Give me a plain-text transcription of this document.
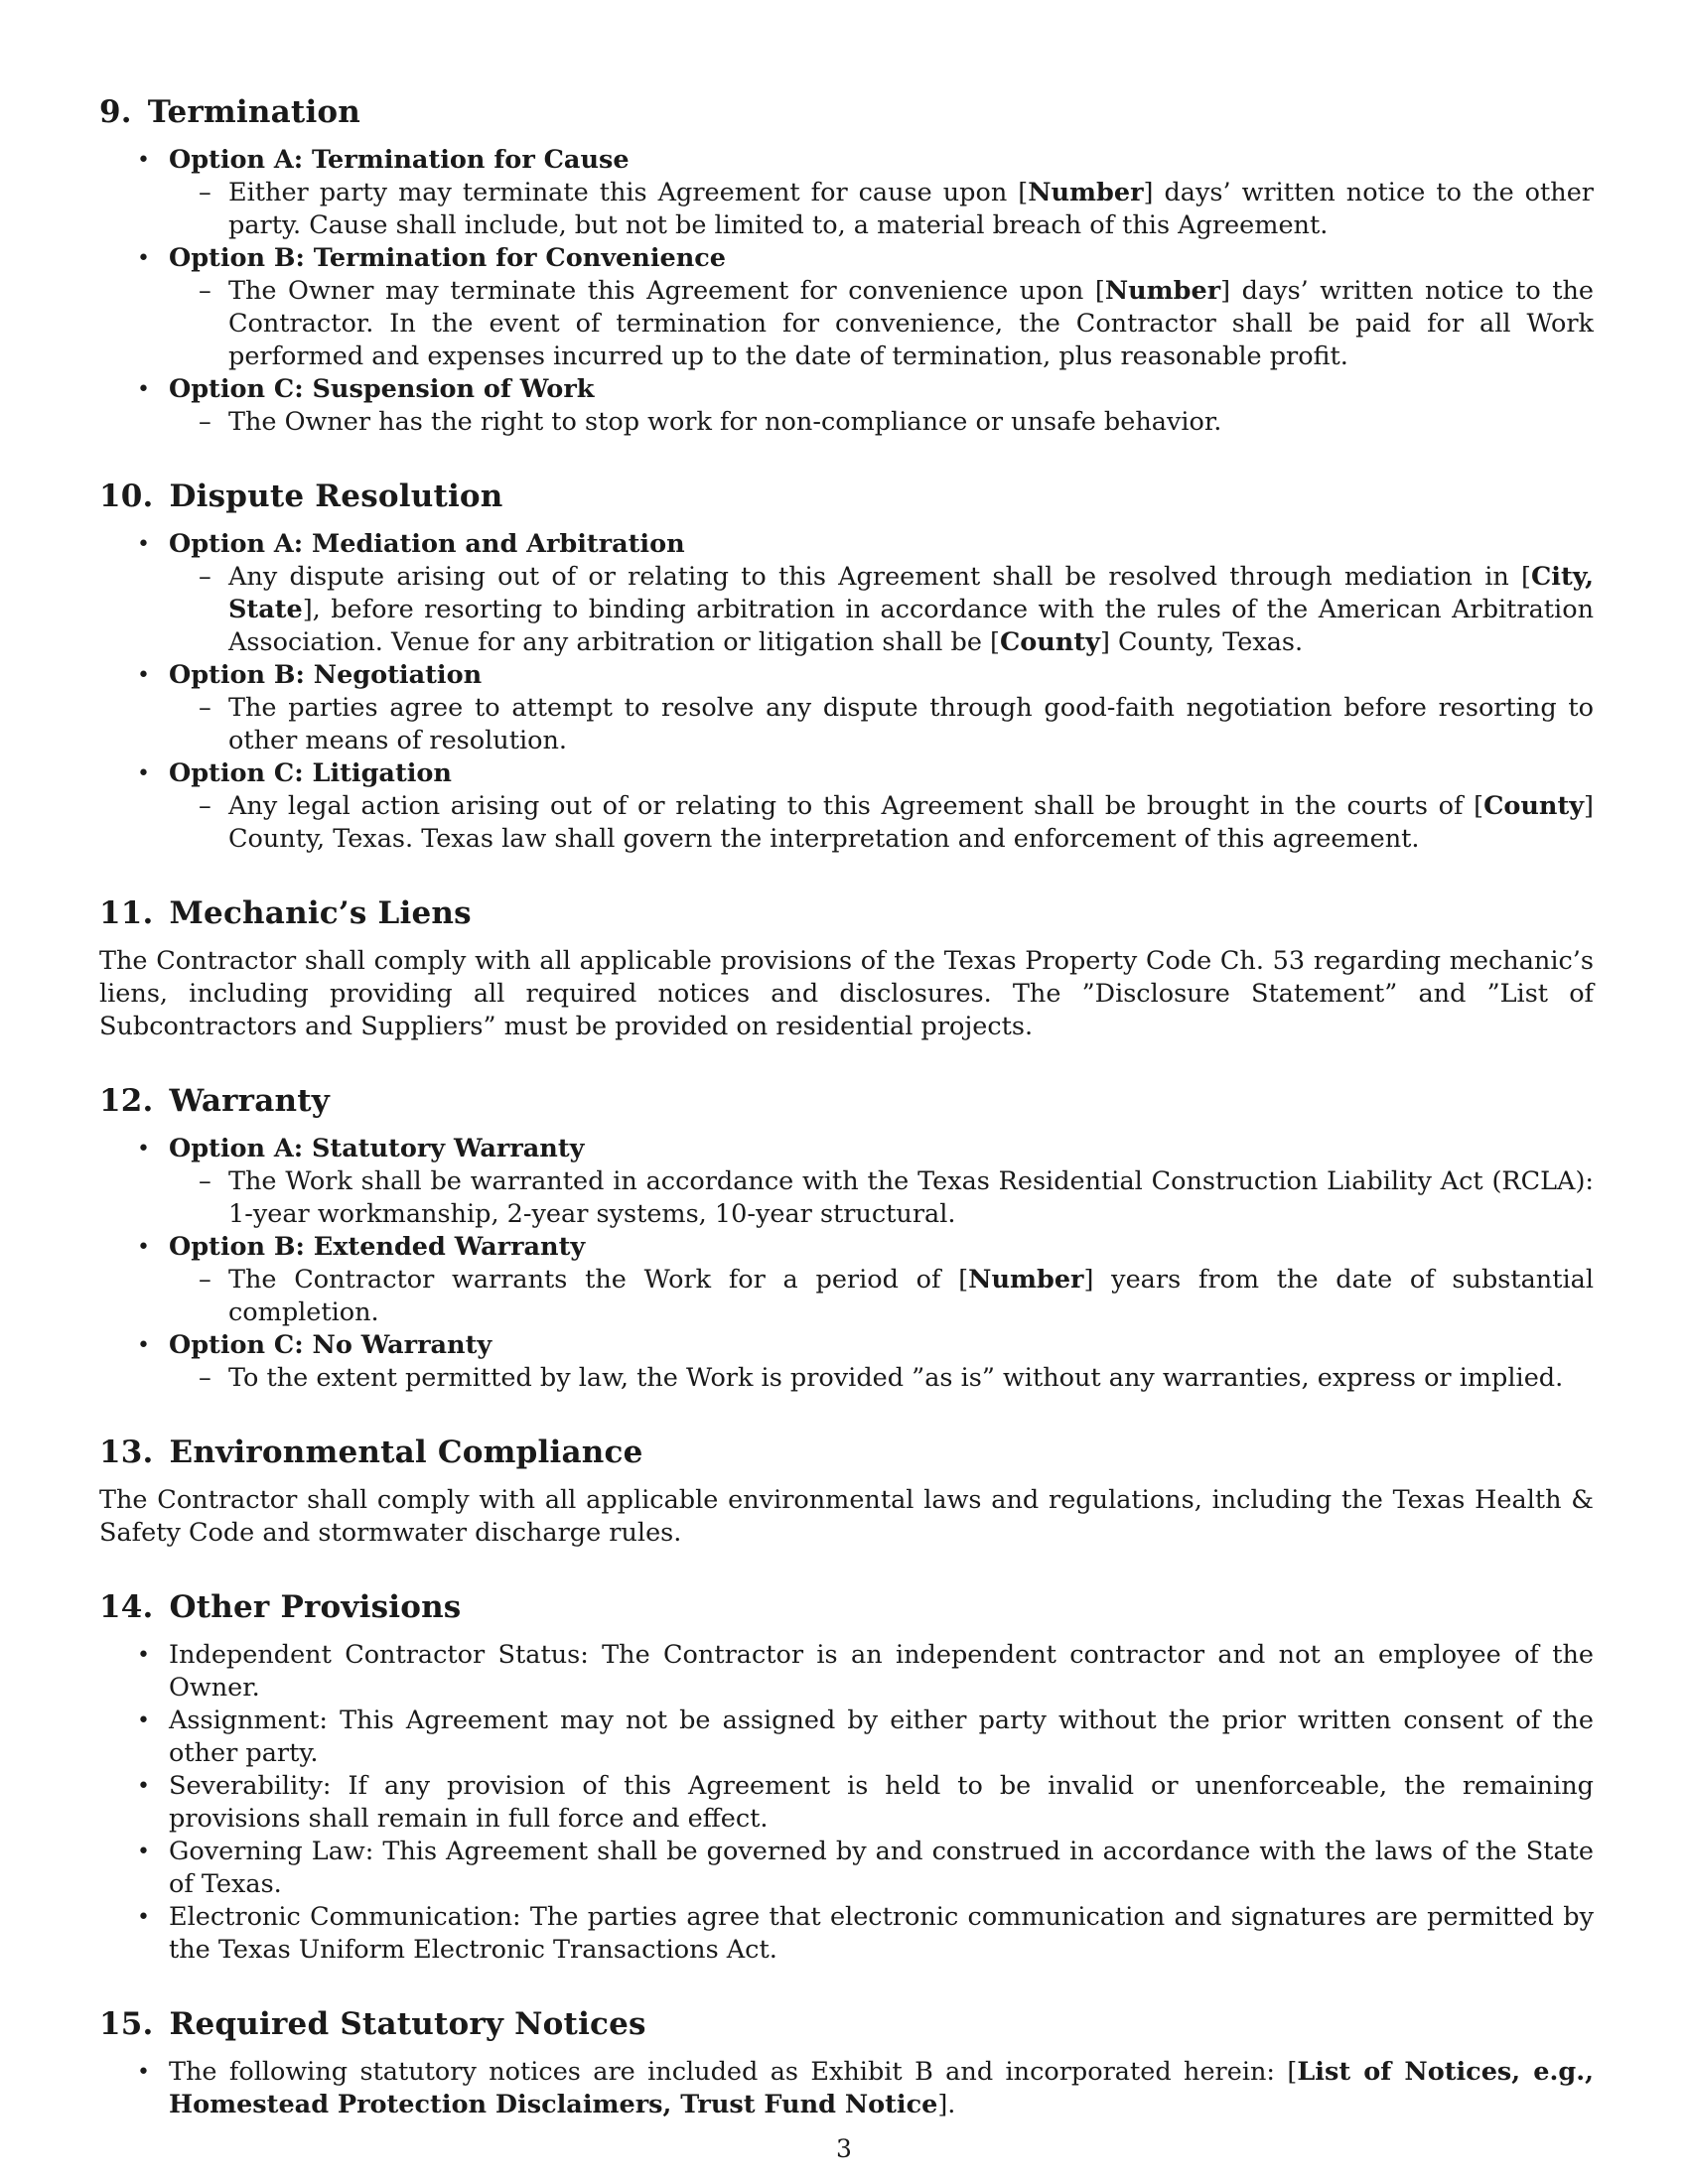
9. Termination
• Option A: Termination for Cause
– Either party may terminate this Agreement for cause upon [Number] days’ written notice to the other party. Cause shall include, but not be limited to, a material breach of this Agreement.
• Option B: Termination for Convenience
– The Owner may terminate this Agreement for convenience upon [Number] days’ written notice to the Contractor. In the event of termination for convenience, the Contractor shall be paid for all Work performed and expenses incurred up to the date of termination, plus reasonable profit.
• Option C: Suspension of Work
– The Owner has the right to stop work for non-compliance or unsafe behavior.
10. Dispute Resolution
• Option A: Mediation and Arbitration
– Any dispute arising out of or relating to this Agreement shall be resolved through mediation in [City, State], before resorting to binding arbitration in accordance with the rules of the American Arbitration Association. Venue for any arbitration or litigation shall be [County] County, Texas.
• Option B: Negotiation
– The parties agree to attempt to resolve any dispute through good-faith negotiation before resorting to other means of resolution.
• Option C: Litigation
– Any legal action arising out of or relating to this Agreement shall be brought in the courts of [County] County, Texas. Texas law shall govern the interpretation and enforcement of this agreement.
11. Mechanic’s Liens

The Contractor shall comply with all applicable provisions of the Texas Property Code Ch. 53 regarding mechanic’s liens, including providing all required notices and disclosures. The ”Disclosure Statement” and ”List of Subcontractors and Suppliers” must be provided on residential projects.

12. Warranty
• Option A: Statutory Warranty
– The Work shall be warranted in accordance with the Texas Residential Construction Liability Act (RCLA): 1-year workmanship, 2-year systems, 10-year structural.
• Option B: Extended Warranty
– The Contractor warrants the Work for a period of [Number] years from the date of substantial completion.
• Option C: No Warranty
– To the extent permitted by law, the Work is provided ”as is” without any warranties, express or implied.
13. Environmental Compliance

The Contractor shall comply with all applicable environmental laws and regulations, including the Texas Health & Safety Code and stormwater discharge rules.

14. Other Provisions
• Independent Contractor Status: The Contractor is an independent contractor and not an employee of the Owner.
• Assignment: This Agreement may not be assigned by either party without the prior written consent of the other party.
• Severability: If any provision of this Agreement is held to be invalid or unenforceable, the remaining provisions shall remain in full force and effect.
• Governing Law: This Agreement shall be governed by and construed in accordance with the laws of the State of Texas.
• Electronic Communication: The parties agree that electronic communication and signatures are permitted by the Texas Uniform Electronic Transactions Act.
15. Required Statutory Notices
• The following statutory notices are included as Exhibit B and incorporated herein: [List of Notices, e.g., Homestead Protection Disclaimers, Trust Fund Notice].
3
